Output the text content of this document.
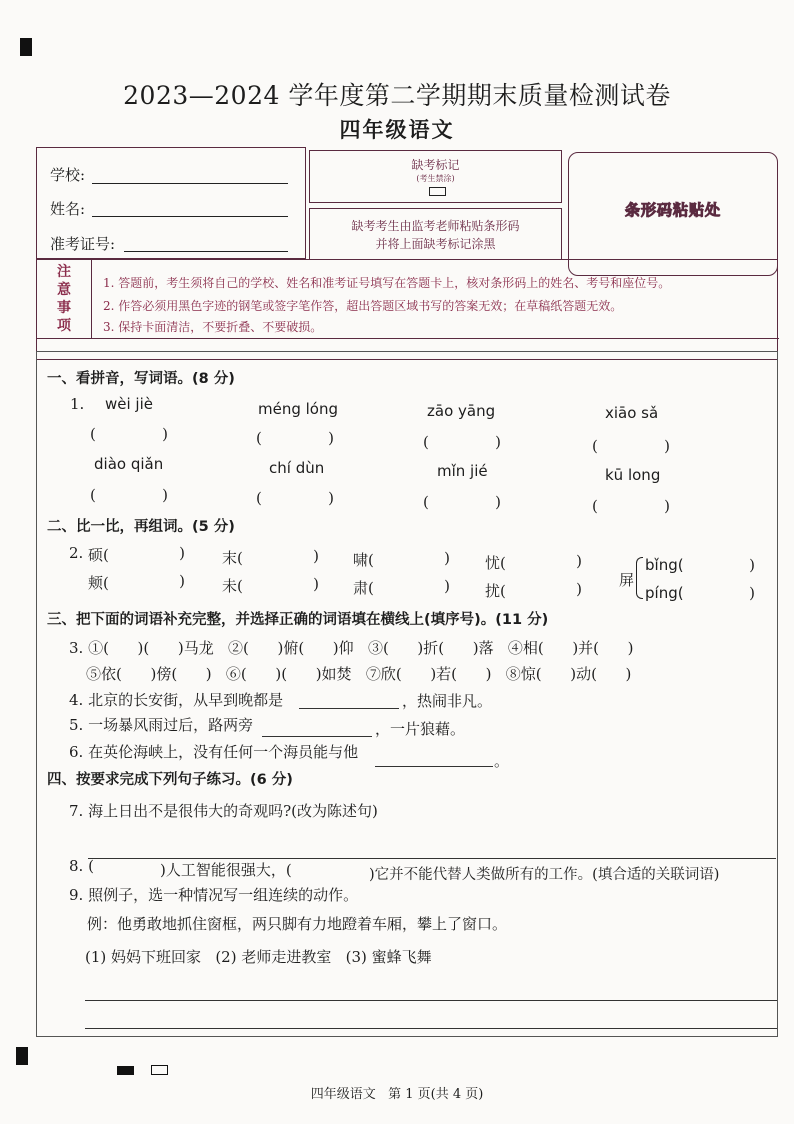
2023—2024 学年度第二学期期末质量检测试卷
四年级语文
学校:
姓名:
准考证号:
缺考标记
(考生禁涂)
缺考考生由监考老师粘贴条形码
并将上面缺考标记涂黑
条形码粘贴处
注意事项
1. 答题前，考生须将自己的学校、姓名和准考证号填写在答题卡上，核对条形码上的姓名、考号和座位号。
2. 作答必须用黑色字迹的钢笔或签字笔作答，超出答题区域书写的答案无效；在草稿纸答题无效。
3. 保持卡面清洁，不要折叠、不要破损。
一、看拼音，写词语。(8 分)
1. wèi jiè	méng lóng	zāo yāng	xiāo sǎ
(	)	(	)	(	)	(	)
diào qiǎn	chí dùn	mǐn jié	kū long
(	)	(	)	(	)	(	)
二、比一比，再组词。(5 分)
2. 硕(	) 末(	) 啸(	) 忧(	)
颊(	) 未(	) 肃(	) 扰(	) 屏
bǐng(	)
píng(	)
三、把下面的词语补充完整，并选择正确的词语填在横线上(填序号)。(11 分)
3. ①(      )(      )马龙   ②(      )俯(      )仰   ③(      )折(      )落   ④相(      )并(      )
⑤依(      )傍(      )   ⑥(      )(      )如焚   ⑦欣(      )若(      )   ⑧惊(      )动(      )
4. 北京的长安街，从早到晚都是	，热闹非凡。
5. 一场暴风雨过后，路两旁	，一片狼藉。
6. 在英伦海峡上，没有任何一个海员能与他	。
四、按要求完成下列句子练习。(6 分)
7. 海上日出不是很伟大的奇观吗?(改为陈述句)
8. (	)人工智能很强大，(	)它并不能代替人类做所有的工作。(填合适的关联词语)
9. 照例子，选一种情况写一组连续的动作。
例：他勇敢地抓住窗框，两只脚有力地蹬着车厢，攀上了窗口。
(1) 妈妈下班回家   (2) 老师走进教室   (3) 蜜蜂飞舞
四年级语文   第 1 页(共 4 页)
